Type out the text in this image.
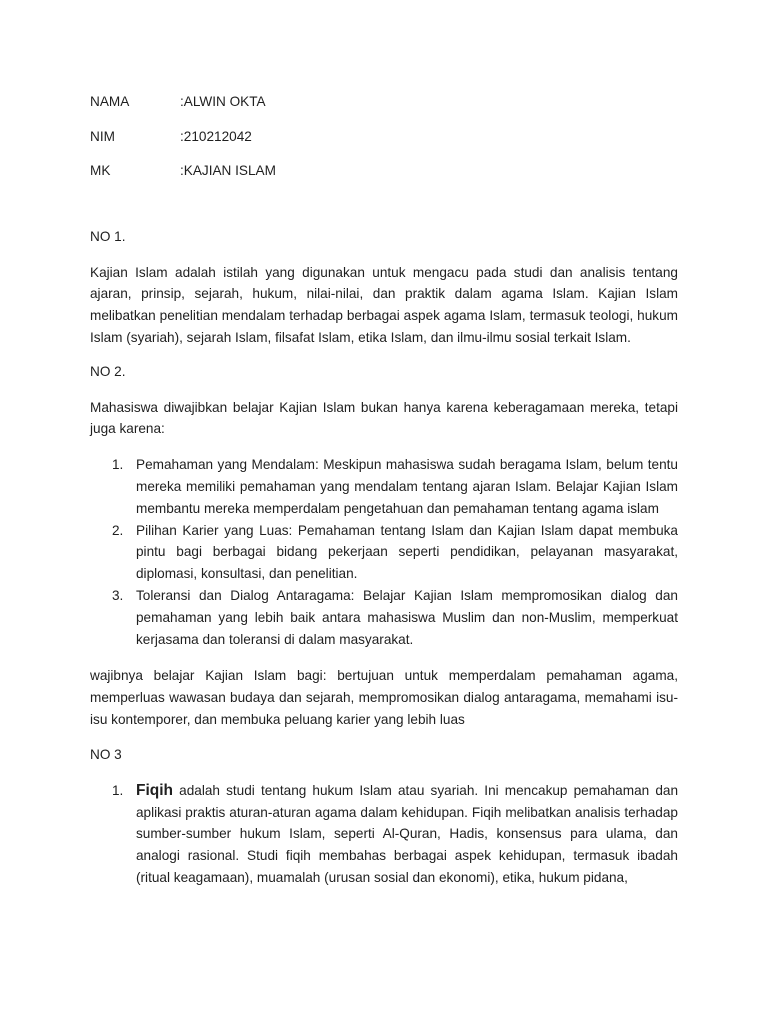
NAMA	:ALWIN OKTA
NIM	:210212042
MK	:KAJIAN ISLAM

NO 1.

Kajian Islam adalah istilah yang digunakan untuk mengacu pada studi dan analisis tentang ajaran, prinsip, sejarah, hukum, nilai-nilai, dan praktik dalam agama Islam. Kajian Islam melibatkan penelitian mendalam terhadap berbagai aspek agama Islam, termasuk teologi, hukum Islam (syariah), sejarah Islam, filsafat Islam, etika Islam, dan ilmu-ilmu sosial terkait Islam.

NO 2.

Mahasiswa diwajibkan belajar Kajian Islam bukan hanya karena keberagamaan mereka, tetapi juga karena:

1. Pemahaman yang Mendalam: Meskipun mahasiswa sudah beragama Islam, belum tentu mereka memiliki pemahaman yang mendalam tentang ajaran Islam. Belajar Kajian Islam membantu mereka memperdalam pengetahuan dan pemahaman tentang agama islam
2. Pilihan Karier yang Luas: Pemahaman tentang Islam dan Kajian Islam dapat membuka pintu bagi berbagai bidang pekerjaan seperti pendidikan, pelayanan masyarakat, diplomasi, konsultasi, dan penelitian.
3. Toleransi dan Dialog Antaragama: Belajar Kajian Islam mempromosikan dialog dan pemahaman yang lebih baik antara mahasiswa Muslim dan non-Muslim, memperkuat kerjasama dan toleransi di dalam masyarakat.

wajibnya belajar Kajian Islam bagi: bertujuan untuk memperdalam pemahaman agama, memperluas wawasan budaya dan sejarah, mempromosikan dialog antaragama, memahami isu-isu kontemporer, dan membuka peluang karier yang lebih luas

NO 3

1. Fiqih adalah studi tentang hukum Islam atau syariah. Ini mencakup pemahaman dan aplikasi praktis aturan-aturan agama dalam kehidupan. Fiqih melibatkan analisis terhadap sumber-sumber hukum Islam, seperti Al-Quran, Hadis, konsensus para ulama, dan analogi rasional. Studi fiqih membahas berbagai aspek kehidupan, termasuk ibadah (ritual keagamaan), muamalah (urusan sosial dan ekonomi), etika, hukum pidana,
